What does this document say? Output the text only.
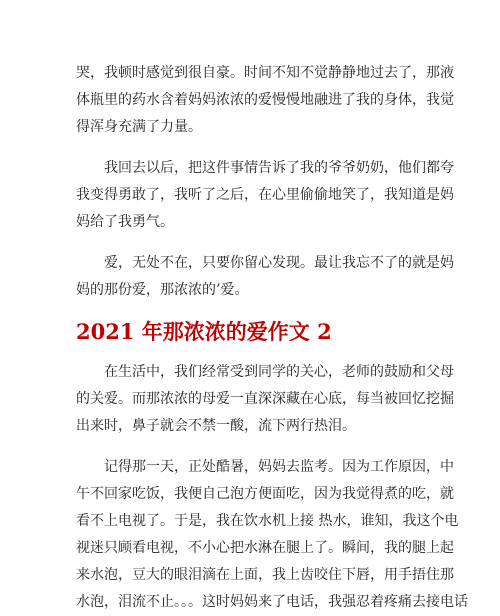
哭，我顿时感觉到很自豪。时间不知不觉静静地过去了，那液

体瓶里的药水含着妈妈浓浓的爱慢慢地融进了我的身体，我觉

得浑身充满了力量。

我回去以后，把这件事情告诉了我的爷爷奶奶，他们都夸

我变得勇敢了，我听了之后，在心里偷偷地笑了，我知道是妈

妈给了我勇气。

爱，无处不在，只要你留心发现。最让我忘不了的就是妈

妈的那份爱，那浓浓的’爱。

2021 年那浓浓的爱作文 2

在生活中，我们经常受到同学的关心，老师的鼓励和父母

的关爱。而那浓浓的母爱一直深深藏在心底，每当被回忆挖掘

出来时，鼻子就会不禁一酸，流下两行热泪。

记得那一天，正处酷暑，妈妈去监考。因为工作原因，中

午不回家吃饭，我便自己泡方便面吃，因为我觉得煮的吃，就

看不上电视了。于是，我在饮水机上接 热水，谁知，我这个电

视迷只顾看电视，不小心把水淋在腿上了。瞬间，我的腿上起

来水泡，豆大的眼泪滴在上面，我上齿咬住下唇，用手捂住那

水泡，泪流不止。。。这时妈妈来了电话，我强忍着疼痛去接电话
